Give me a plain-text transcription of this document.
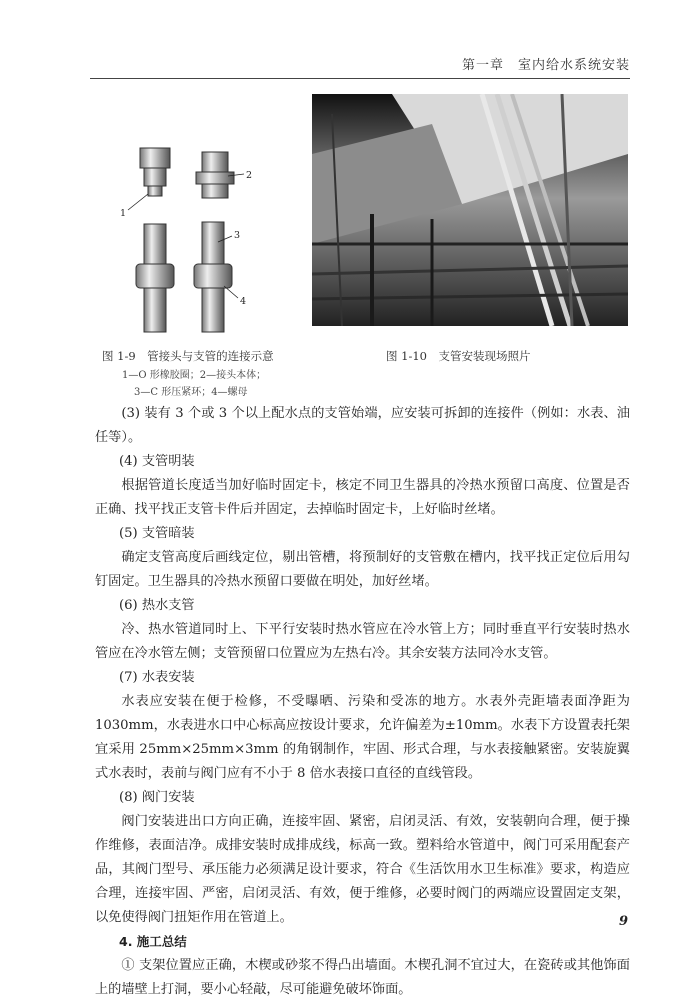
第一章　室内给水系统安装
1
2
3
4
图 1-9　管接头与支管的连接示意
1—O 形橡胶圈；2—接头本体；
3—C 形压紧环；4—螺母
图 1-10　支管安装现场照片

(3) 装有 3 个或 3 个以上配水点的支管始端，应安装可拆卸的连接件（例如：水表、油任等）。

(4) 支管明装

根据管道长度适当加好临时固定卡，核定不同卫生器具的冷热水预留口高度、位置是否正确、找平找正支管卡件后并固定，去掉临时固定卡，上好临时丝堵。

(5) 支管暗装

确定支管高度后画线定位，剔出管槽，将预制好的支管敷在槽内，找平找正定位后用勾钉固定。卫生器具的冷热水预留口要做在明处，加好丝堵。

(6) 热水支管

冷、热水管道同时上、下平行安装时热水管应在冷水管上方；同时垂直平行安装时热水管应在冷水管左侧；支管预留口位置应为左热右冷。其余安装方法同冷水支管。

(7) 水表安装

水表应安装在便于检修，不受曝晒、污染和受冻的地方。水表外壳距墙表面净距为 1030mm，水表进水口中心标高应按设计要求，允许偏差为±10mm。水表下方设置表托架宜采用 25mm×25mm×3mm 的角钢制作，牢固、形式合理，与水表接触紧密。安装旋翼式水表时，表前与阀门应有不小于 8 倍水表接口直径的直线管段。

(8) 阀门安装

阀门安装进出口方向正确，连接牢固、紧密，启闭灵活、有效，安装朝向合理，便于操作维修，表面洁净。成排安装时成排成线，标高一致。塑料给水管道中，阀门可采用配套产品，其阀门型号、承压能力必须满足设计要求，符合《生活饮用水卫生标准》要求，构造应合理，连接牢固、严密，启闭灵活、有效，便于维修，必要时阀门的两端应设置固定支架，以免使得阀门扭矩作用在管道上。

4. 施工总结

① 支架位置应正确，木楔或砂浆不得凸出墙面。木楔孔洞不宜过大，在瓷砖或其他饰面上的墙壁上打洞，要小心轻敲，尽可能避免破坏饰面。

9
